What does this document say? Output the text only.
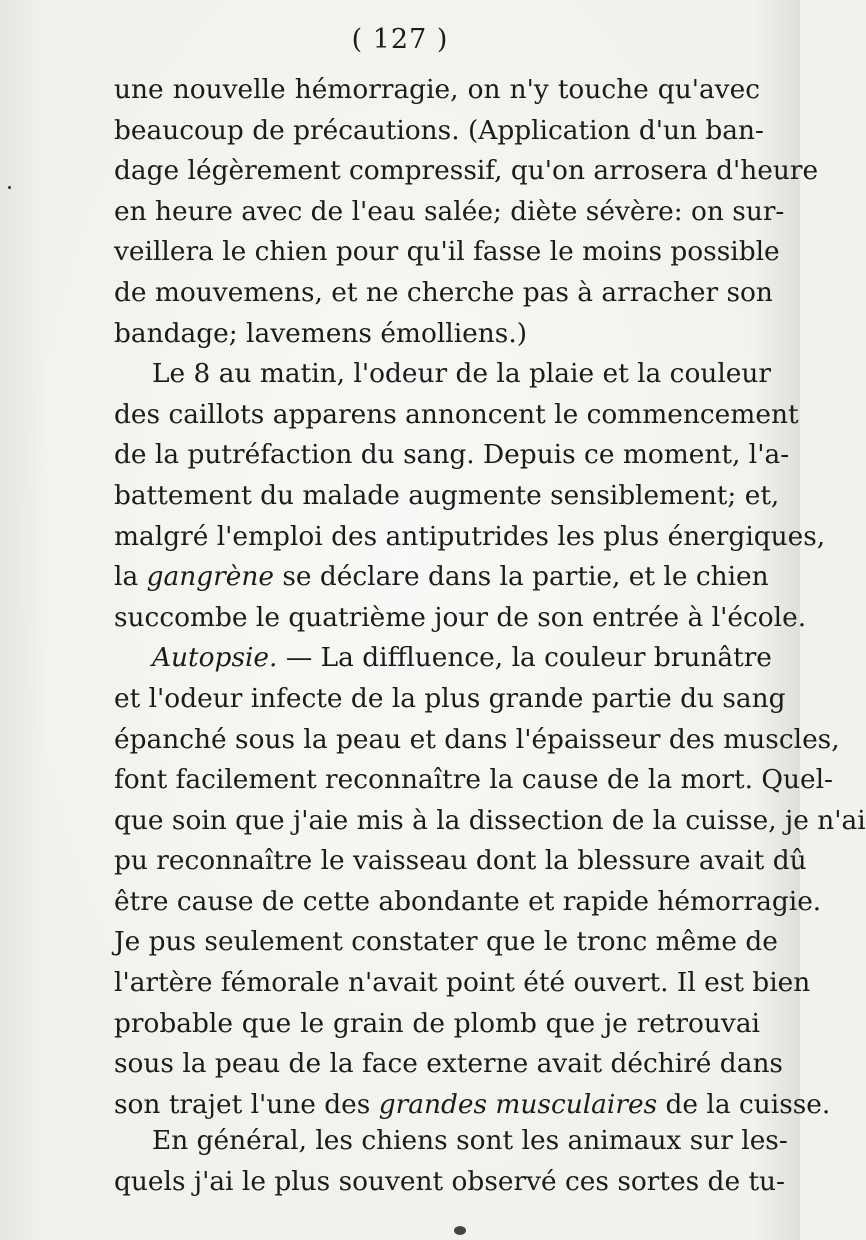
( 127 )
une nouvelle hémorragie, on n'y touche qu'avec
beaucoup de précautions. (Application d'un ban-
dage légèrement compressif, qu'on arrosera d'heure
en heure avec de l'eau salée; diète sévère: on sur-
veillera le chien pour qu'il fasse le moins possible
de mouvemens, et ne cherche pas à arracher son
bandage; lavemens émolliens.)
Le 8 au matin, l'odeur de la plaie et la couleur
des caillots apparens annoncent le commencement
de la putréfaction du sang. Depuis ce moment, l'a-
battement du malade augmente sensiblement; et,
malgré l'emploi des antiputrides les plus énergiques,
la gangrène se déclare dans la partie, et le chien
succombe le quatrième jour de son entrée à l'école.
Autopsie. — La diffluence, la couleur brunâtre
et l'odeur infecte de la plus grande partie du sang
épanché sous la peau et dans l'épaisseur des muscles,
font facilement reconnaître la cause de la mort. Quel-
que soin que j'aie mis à la dissection de la cuisse, je n'ai
pu reconnaître le vaisseau dont la blessure avait dû
être cause de cette abondante et rapide hémorragie.
Je pus seulement constater que le tronc même de
l'artère fémorale n'avait point été ouvert. Il est bien
probable que le grain de plomb que je retrouvai
sous la peau de la face externe avait déchiré dans
son trajet l'une des grandes musculaires de la cuisse.
En général, les chiens sont les animaux sur les-
quels j'ai le plus souvent observé ces sortes de tu-
